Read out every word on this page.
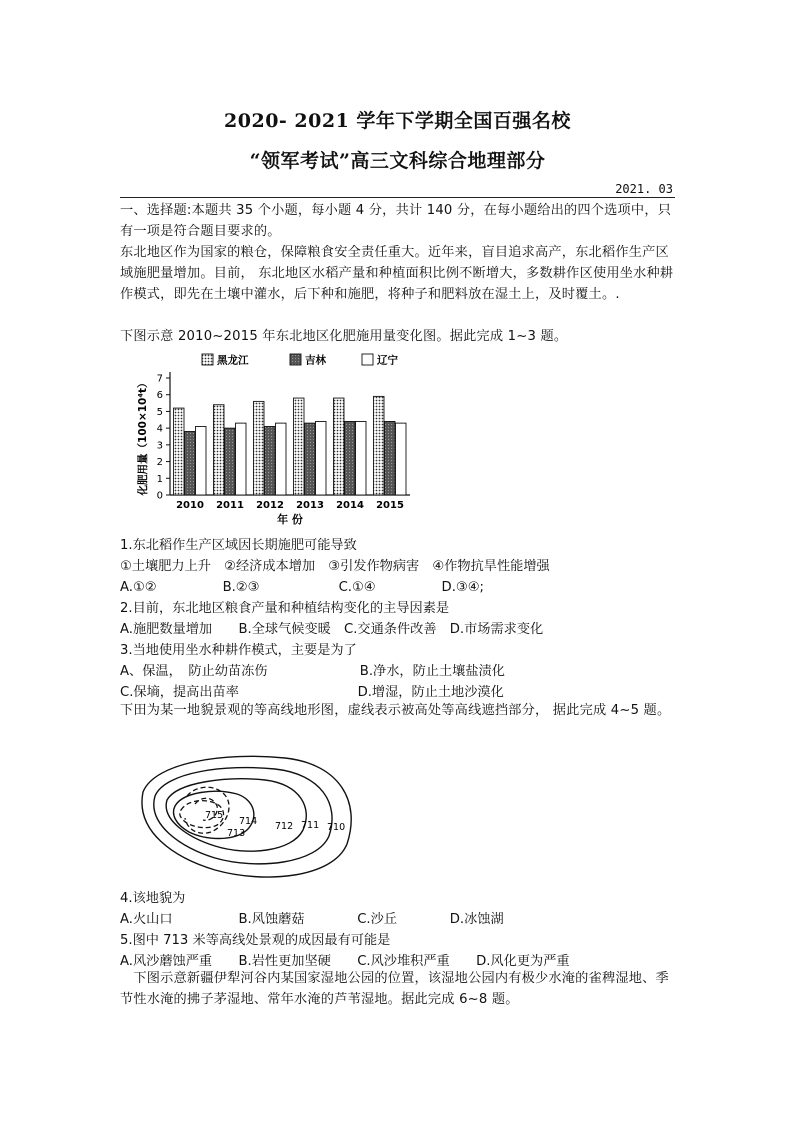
2020- 2021 学年下学期全国百强名校
“领军考试”高三文科综合地理部分
2021. 03
一、选择题:本题共 35 个小题，每小题 4 分，共计 140 分，在每小题给出的四个选项中，只有一项是符合题目要求的。
东北地区作为国家的粮仓，保障粮食安全责任重大。近年来，盲目追求高产，东北稻作生产区域施肥量增加。目前， 东北地区水稻产量和种植面积比例不断增大，多数耕作区使用坐水种耕作模式，即先在土壤中灌水，后下种和施肥，将种子和肥料放在湿土上，及时覆土。.
下图示意 2010~2015 年东北地区化肥施用量变化图。据此完成 1~3 题。
0
1
2
3
4
5
6
7
化肥用量（100×10⁴t）
年 份
2010 2011 2012 2013 2014 2015
黑龙江	吉林	辽宁
1.东北稻作生产区域因长期施肥可能导致
①土壤肥力上升　②经济成本增加　③引发作物病害　④作物抗旱性能增强
A.①②　　　　　B.②③　　　　　　C.①④　　　　　D.③④;
2.目前，东北地区粮食产量和种植结构变化的主导因素是
A.施肥数量增加　　B.全球气候变暖　C.交通条件改善　D.市场需求变化
3.当地使用坐水种耕作模式，主要是为了
A、保温，　防止幼苗冻伤　　　　　　　B.净水，防止土壤盐渍化
C.保墒，提高出苗率　　　　　　　　　D.增湿，防止土地沙漠化
下田为某一地貌景观的等高线地形图，虚线表示被高处等高线遮挡部分， 据此完成 4~5 题。
715
714
713
712 711 710
4.该地貌为
A.火山口　　　　　B.风蚀蘑菇　　　　C.沙丘　　　　D.冰蚀湖
5.图中 713 米等高线处景观的成因最有可能是
A.风沙蘑蚀严重　　B.岩性更加坚硬　　C.风沙堆积严重　　D.风化更为严重
　下图示意新疆伊犁河谷内某国家湿地公园的位置，该湿地公园内有极少水淹的雀稗湿地、季节性水淹的拂子茅湿地、常年水淹的芦苇湿地。据此完成 6~8 题。
